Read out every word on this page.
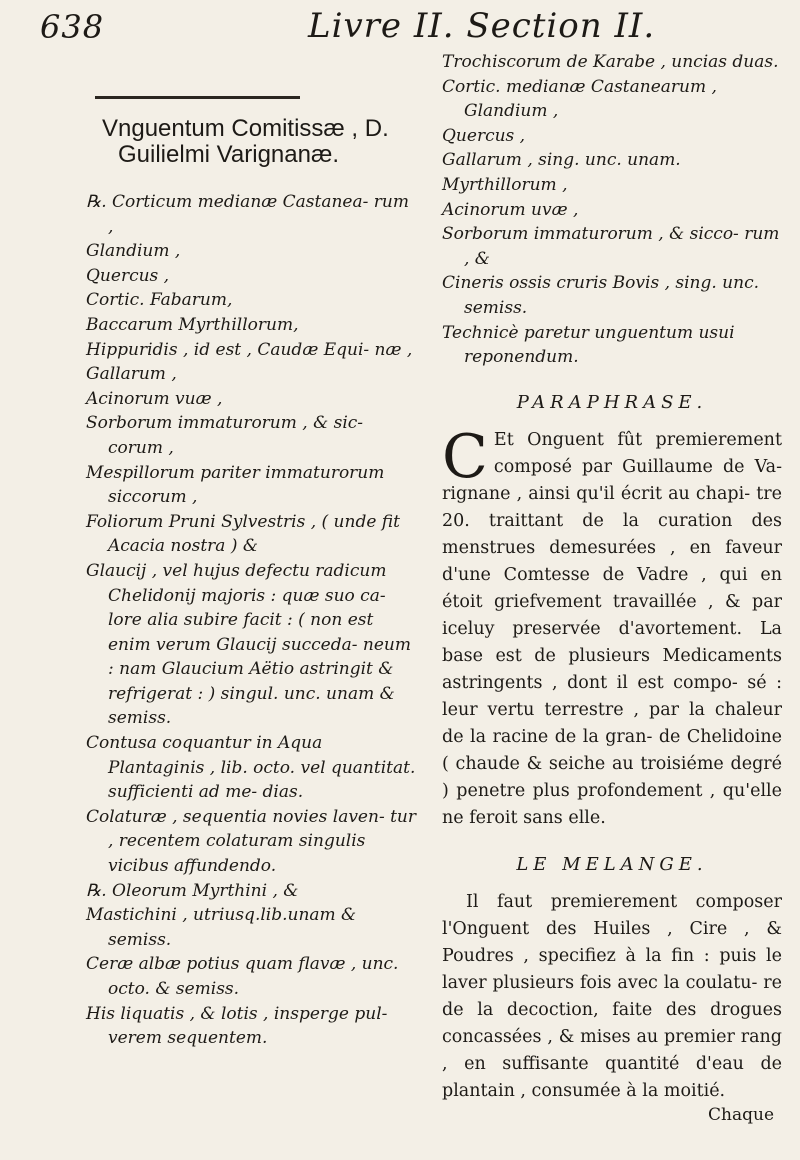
638	Livre II. Section II.
Vnguentum Comitissæ , D. Guilielmi Varignanæ.

℞. Corticum medianæ Castanea- rum ,

Glandium ,

Quercus ,

Cortic. Fabarum,

Baccarum Myrthillorum,

Hippuridis , id est , Caudæ Equi- næ ,

Gallarum ,

Acinorum vuæ ,

Sorborum immaturorum , & sic- corum ,

Mespillorum pariter immaturorum siccorum ,

Foliorum Pruni Sylvestris , ( unde fit Acacia nostra ) &

Glaucij , vel hujus defectu radicum Chelidonij majoris : quæ suo ca- lore alia subire facit : ( non est enim verum Glaucij succeda- neum : nam Glaucium Aëtio astringit & refrigerat : ) singul. unc. unam & semiss.

Contusa coquantur in Aqua Plantaginis , lib. octo. vel quantitat. sufficienti ad me- dias.

Colaturæ , sequentia novies laven- tur , recentem colaturam singulis vicibus affundendo.

℞. Oleorum Myrthini , &

Mastichini , utriusq.lib.unam & semiss.

Ceræ albæ potius quam flavæ , unc. octo. & semiss.

His liquatis , & lotis , insperge pul- verem sequentem.

Trochiscorum de Karabe , uncias duas.

Cortic. medianæ Castanearum , Glandium ,

Quercus ,

Gallarum , sing. unc. unam.

Myrthillorum ,

Acinorum uvæ ,

Sorborum immaturorum , & sicco- rum , &

Cineris ossis cruris Bovis , sing. unc. semiss.

Technicè paretur unguentum usui reponendum.

PARAPHRASE.

C Et Onguent fût premierement composé par Guillaume de Va- rignane , ainsi qu'il écrit au chapi- tre 20. traittant de la curation des menstrues demesurées , en faveur d'une Comtesse de Vadre , qui en étoit griefvement travaillée , & par iceluy preservée d'avortement. La base est de plusieurs Medicaments astringents , dont il est compo- sé : leur vertu terrestre , par la chaleur de la racine de la gran- de Chelidoine ( chaude & seiche au troisiéme degré ) penetre plus profondement , qu'elle ne feroit sans elle.

LE MELANGE.

Il faut premierement composer l'Onguent des Huiles , Cire , & Poudres , specifiez à la fin : puis le laver plusieurs fois avec la coulatu- re de la decoction, faite des drogues concassées , & mises au premier rang , en suffisante quantité d'eau de plantain , consumée à la moitié.

Chaque
